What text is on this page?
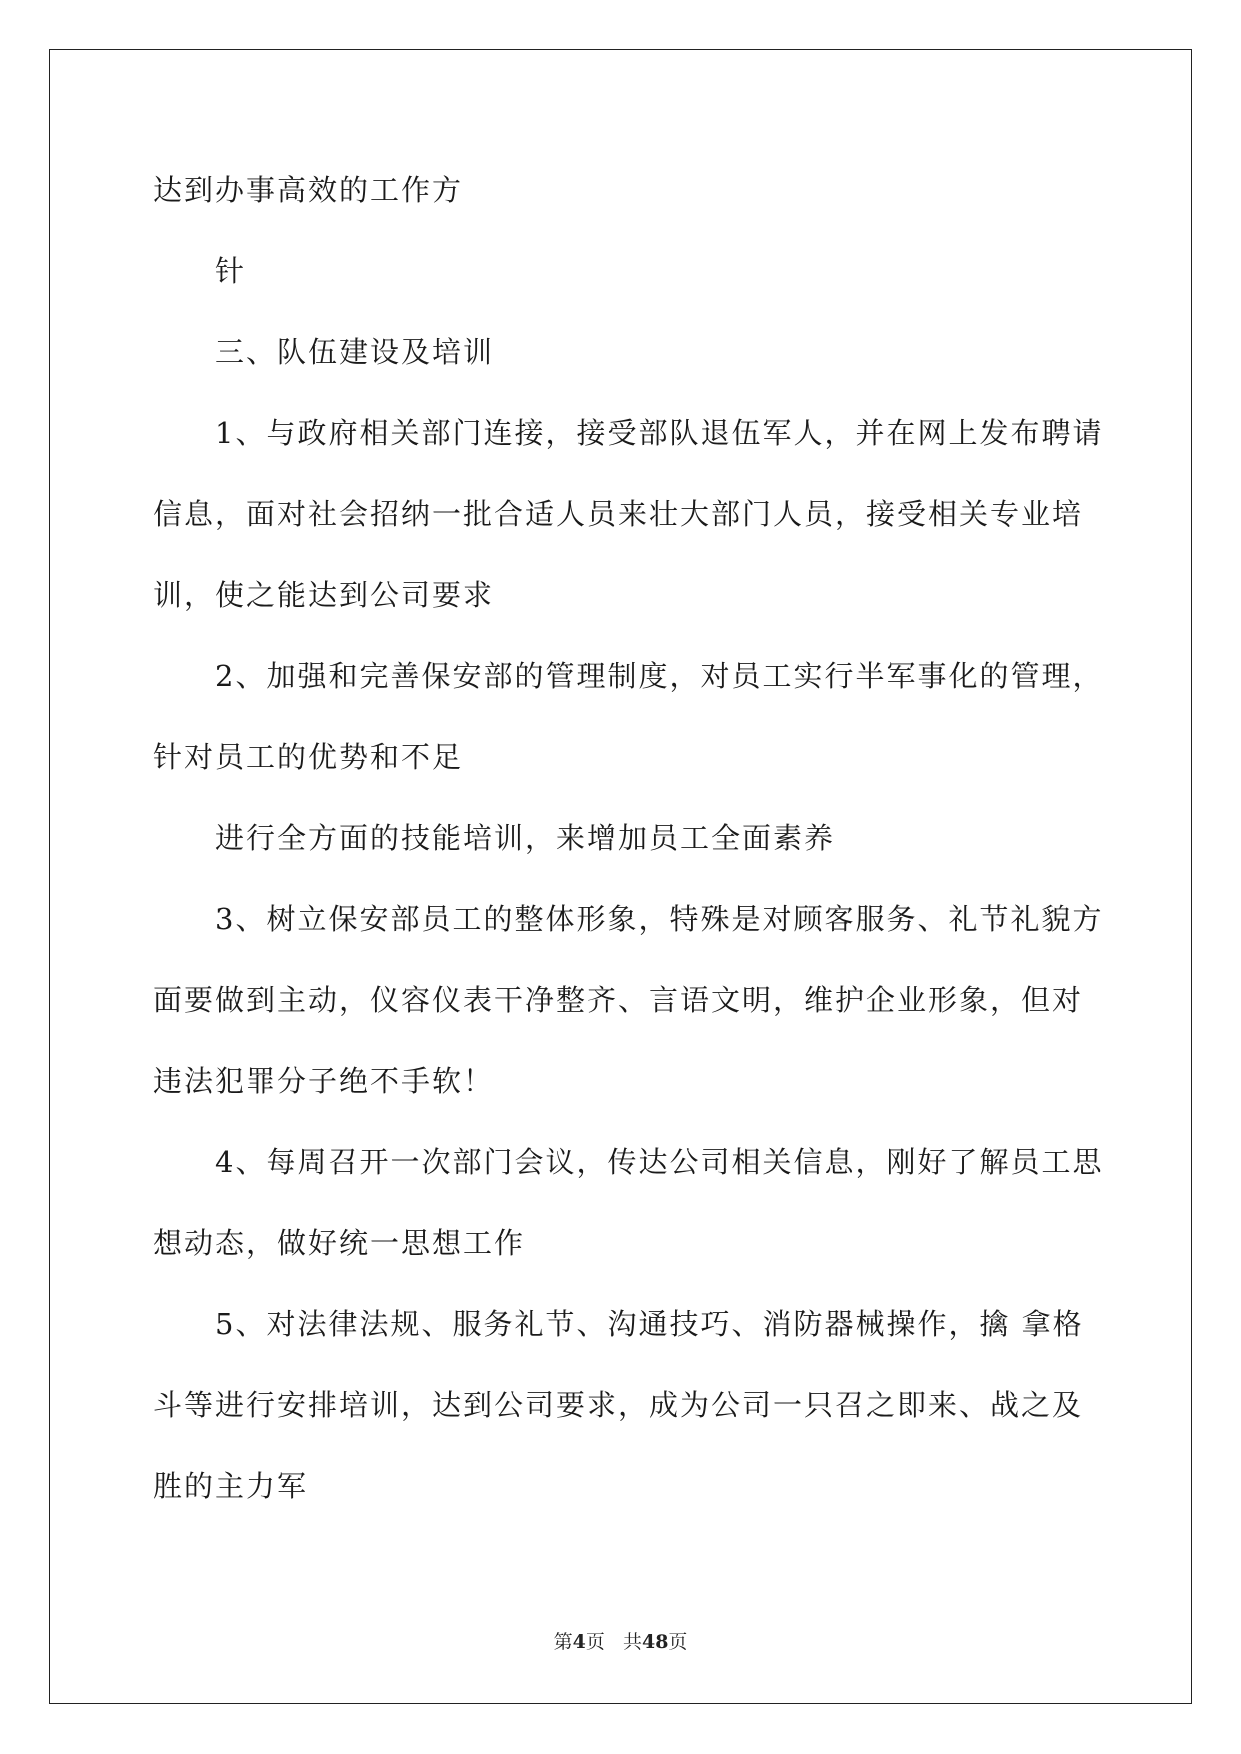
达到办事高效的工作方
针
三、队伍建设及培训
1、与政府相关部门连接，接受部队退伍军人，并在网上发布聘请
信息，面对社会招纳一批合适人员来壮大部门人员，接受相关专业培
训，使之能达到公司要求
2、加强和完善保安部的管理制度，对员工实行半军事化的管理，
针对员工的优势和不足
进行全方面的技能培训，来增加员工全面素养
3、树立保安部员工的整体形象，特殊是对顾客服务、礼节礼貌方
面要做到主动，仪容仪表干净整齐、言语文明，维护企业形象，但对
违法犯罪分子绝不手软！
4、每周召开一次部门会议，传达公司相关信息，刚好了解员工思
想动态，做好统一思想工作
5、对法律法规、服务礼节、沟通技巧、消防器械操作，擒 拿格
斗等进行安排培训，达到公司要求，成为公司一只召之即来、战之及
胜的主力军
第4页 共48页
